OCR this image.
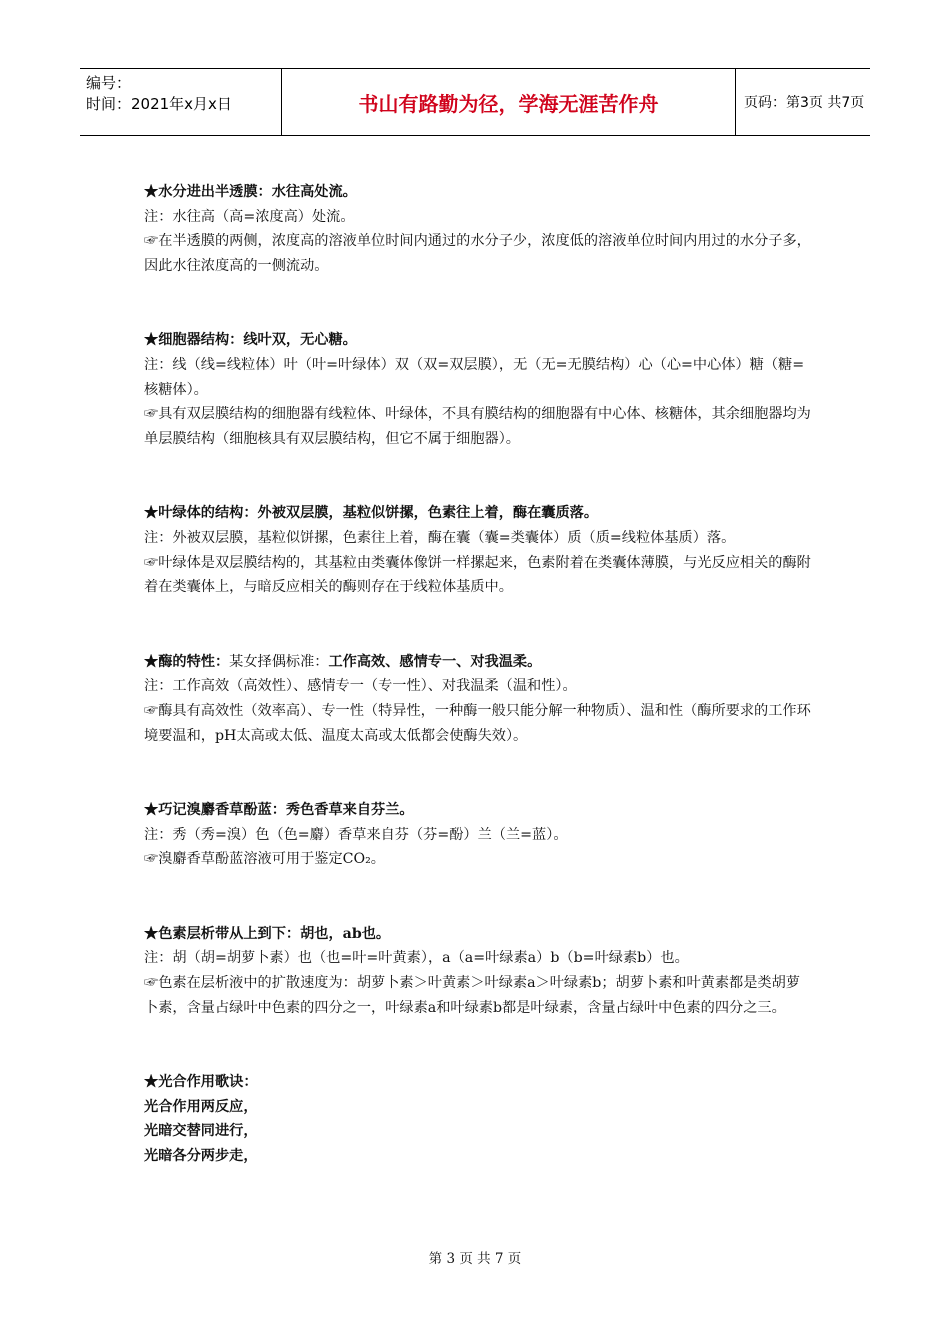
编号：
时间：2021年x月x日	书山有路勤为径，学海无涯苦作舟	页码：第3页 共7页

★水分进出半透膜：水往高处流。

注：水往高（高=浓度高）处流。

☞在半透膜的两侧，浓度高的溶液单位时间内通过的水分子少，浓度低的溶液单位时间内用过的水分子多，因此水往浓度高的一侧流动。

★细胞器结构：线叶双，无心糖。

注：线（线=线粒体）叶（叶=叶绿体）双（双=双层膜），无（无=无膜结构）心（心=中心体）糖（糖=核糖体）。

☞具有双层膜结构的细胞器有线粒体、叶绿体，不具有膜结构的细胞器有中心体、核糖体，其余细胞器均为单层膜结构（细胞核具有双层膜结构，但它不属于细胞器）。

★叶绿体的结构：外被双层膜，基粒似饼摞，色素往上着，酶在囊质落。

注：外被双层膜，基粒似饼摞，色素往上着，酶在囊（囊=类囊体）质（质=线粒体基质）落。

☞叶绿体是双层膜结构的，其基粒由类囊体像饼一样摞起来，色素附着在类囊体薄膜，与光反应相关的酶附着在类囊体上，与暗反应相关的酶则存在于线粒体基质中。

★酶的特性：某女择偶标准：工作高效、感情专一、对我温柔。

注：工作高效（高效性）、感情专一（专一性）、对我温柔（温和性）。

☞酶具有高效性（效率高）、专一性（特异性，一种酶一般只能分解一种物质）、温和性（酶所要求的工作环境要温和，pH太高或太低、温度太高或太低都会使酶失效）。

★巧记溴麝香草酚蓝：秀色香草来自芬兰。

注：秀（秀=溴）色（色=麝）香草来自芬（芬=酚）兰（兰=蓝）。

☞溴麝香草酚蓝溶液可用于鉴定CO₂。

★色素层析带从上到下：胡也，ab也。

注：胡（胡=胡萝卜素）也（也=叶=叶黄素），a（a=叶绿素a）b（b=叶绿素b）也。

☞色素在层析液中的扩散速度为：胡萝卜素＞叶黄素＞叶绿素a＞叶绿素b；胡萝卜素和叶黄素都是类胡萝卜素，含量占绿叶中色素的四分之一，叶绿素a和叶绿素b都是叶绿素，含量占绿叶中色素的四分之三。

★光合作用歌诀：

光合作用两反应，

光暗交替同进行，

光暗各分两步走，

第 3 页 共 7 页
